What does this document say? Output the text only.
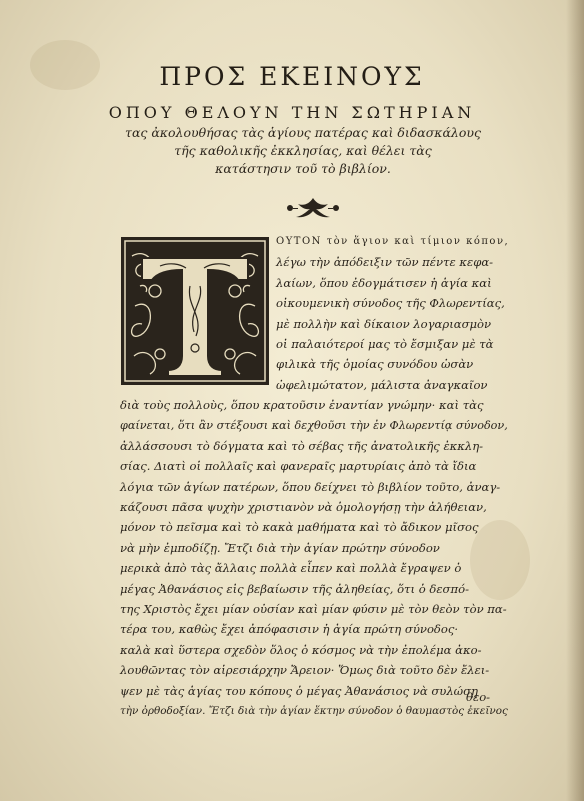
ΠΡΟΣ ΕΚΕΙΝΟΥΣ
ΟΠΟΥ ΘΕΛΟΥΝ ΤΗΝ ΣΩΤΗΡΙΑΝ
τας ἀκολουθήσας τὰς ἁγίους πατέρας καὶ διδασκάλους
τῆς καθολικῆς ἐκκλησίας, καὶ θέλει τὰς
κατάστησιν τοῦ τὸ βιβλίον.
ΟΥΤΟΝ τὸν ἅγιον καὶ τίμιον κόπον,
λέγω τὴν ἀπόδειξιν τῶν πέντε κεφα-
λαίων, ὅπου ἐδογμάτισεν ἡ ἁγία καὶ
οἰκουμενικὴ σύνοδος τῆς Φλωρεντίας,
μὲ πολλὴν καὶ δίκαιον λογαριασμὸν
οἱ παλαιότεροί μας τὸ ἔσμιξαν μὲ τὰ
φιλικὰ τῆς ὁμοίας συνόδου ὡσὰν
ὠφελιμώτατον, μάλιστα ἀναγκαῖον
διὰ τοὺς πολλοὺς, ὅπου κρατοῦσιν ἐναντίαν γνώμην· καὶ τὰς
φαίνεται, ὅτι ἂν στέξουσι καὶ δεχθοῦσι τὴν ἐν Φλωρεντίᾳ σύνοδον,
ἀλλάσσουσι τὸ δόγματα καὶ τὸ σέβας τῆς ἀνατολικῆς ἐκκλη-
σίας. Διατὶ οἱ πολλαῖς καὶ φανεραῖς μαρτυρίαις ἀπὸ τὰ ἴδια
λόγια τῶν ἁγίων πατέρων, ὅπου δείχνει τὸ βιβλίον τοῦτο, ἀναγ-
κάζουσι πᾶσα ψυχὴν χριστιανὸν νὰ ὁμολογήσῃ τὴν ἀλήθειαν,
μόνον τὸ πεῖσμα καὶ τὸ κακὰ μαθήματα καὶ τὸ ἄδικον μῖσος
νὰ μὴν ἐμποδίζῃ. Ἔτζι διὰ τὴν ἁγίαν πρώτην σύνοδον
μερικὰ ἀπὸ τὰς ἄλλαις πολλὰ εἶπεν καὶ πολλὰ ἔγραψεν ὁ
μέγας Ἀθανάσιος εἰς βεβαίωσιν τῆς ἀληθείας, ὅτι ὁ δεσπό-
της Χριστὸς ἔχει μίαν οὐσίαν καὶ μίαν φύσιν μὲ τὸν θεὸν τὸν πα-
τέρα του, καθὼς ἔχει ἀπόφασισιν ἡ ἁγία πρώτη σύνοδος·
καλὰ καὶ ὕστερα σχεδὸν ὅλος ὁ κόσμος νὰ τὴν ἐπολέμα ἀκο-
λουθῶντας τὸν αἱρεσιάρχην Ἄρειον· Ὅμως διὰ τοῦτο δὲν ἔλει-
ψεν μὲ τὰς ἁγίας του κόπους ὁ μέγας Ἀθανάσιος νὰ συλώσῃ
τὴν ὀρθοδοξίαν. Ἔτζι διὰ τὴν ἁγίαν ἕκτην σύνοδον ὁ θαυμαστὸς ἐκεῖνος
θεο-
